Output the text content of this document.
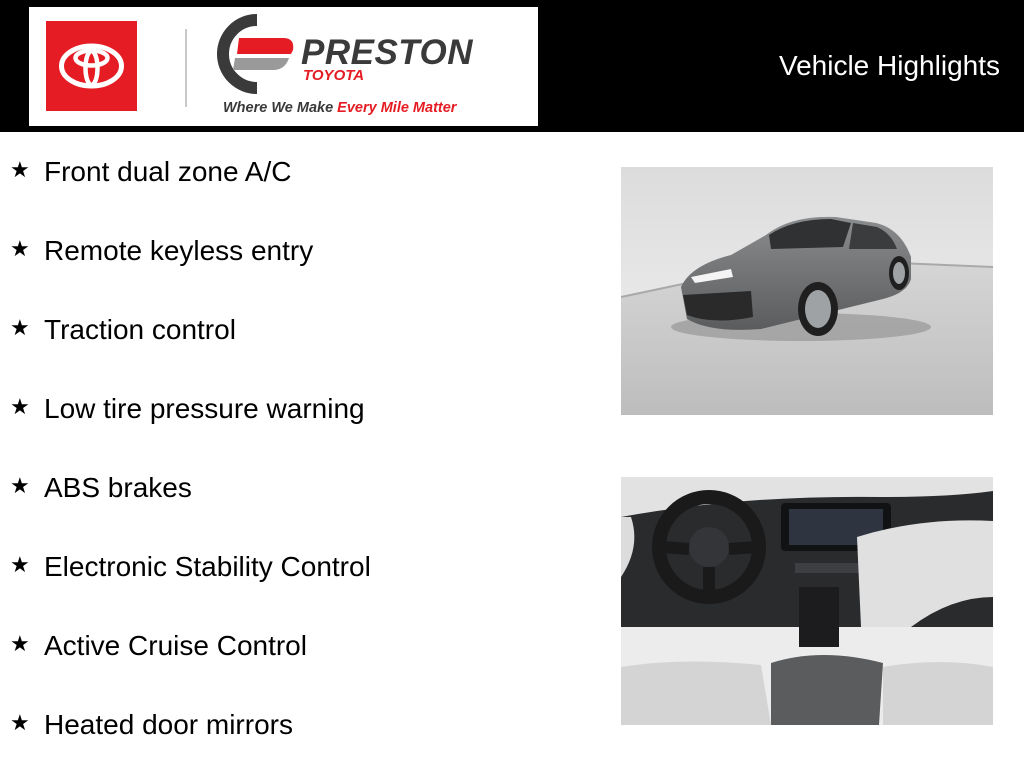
PRESTON
TOYOTA
Where We Make Every Mile Matter
Vehicle Highlights
★ Front dual zone A/C
★ Remote keyless entry
★ Traction control
★ Low tire pressure warning
★ ABS brakes
★ Electronic Stability Control
★ Active Cruise Control
★ Heated door mirrors
